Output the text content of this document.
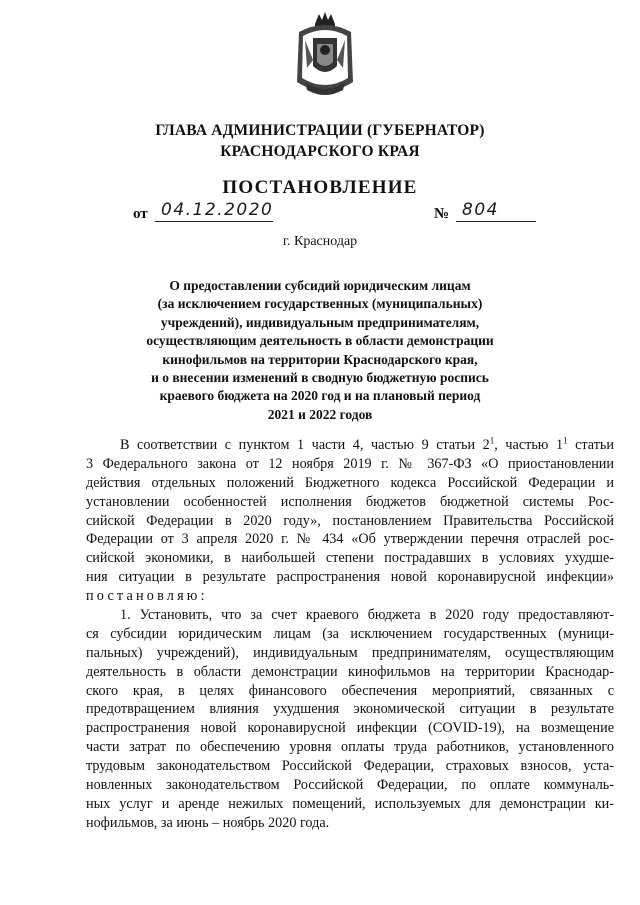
ГЛАВА АДМИНИСТРАЦИИ (ГУБЕРНАТОР)
КРАСНОДАРСКОГО КРАЯ
ПОСТАНОВЛЕНИЕ
от 04.12.2020	№ 804
г. Краснодар
О предоставлении субсидий юридическим лицам
(за исключением государственных (муниципальных)
учреждений), индивидуальным предпринимателям,
осуществляющим деятельность в области демонстрации
кинофильмов на территории Краснодарского края,
и о внесении изменений в сводную бюджетную роспись
краевого бюджета на 2020 год и на плановый период
2021 и 2022 годов
В соответствии с пунктом 1 части 4, частью 9 статьи $2^1$, частью $1^1$ статьи
3 Федерального закона от 12 ноября 2019 г. № 367-ФЗ «О приостановлении
действия отдельных положений Бюджетного кодекса Российской Федерации и
установлении особенностей исполнения бюджетов бюджетной системы Рос-
сийской Федерации в 2020 году», постановлением Правительства Российской
Федерации от 3 апреля 2020 г. № 434 «Об утверждении перечня отраслей рос-
сийской экономики, в наибольшей степени пострадавших в условиях ухудше-
ния ситуации в результате распространения новой коронавирусной инфекции»
постановляю:
1. Установить, что за счет краевого бюджета в 2020 году предоставляют-
ся субсидии юридическим лицам (за исключением государственных (муници-
пальных) учреждений), индивидуальным предпринимателям, осуществляющим
деятельность в области демонстрации кинофильмов на территории Краснодар-
ского края, в целях финансового обеспечения мероприятий, связанных с
предотвращением влияния ухудшения экономической ситуации в результате
распространения новой коронавирусной инфекции (COVID-19), на возмещение
части затрат по обеспечению уровня оплаты труда работников, установленного
трудовым законодательством Российской Федерации, страховых взносов, уста-
новленных законодательством Российской Федерации, по оплате коммуналь-
ных услуг и аренде нежилых помещений, используемых для демонстрации ки-
нофильмов, за июнь – ноябрь 2020 года.
